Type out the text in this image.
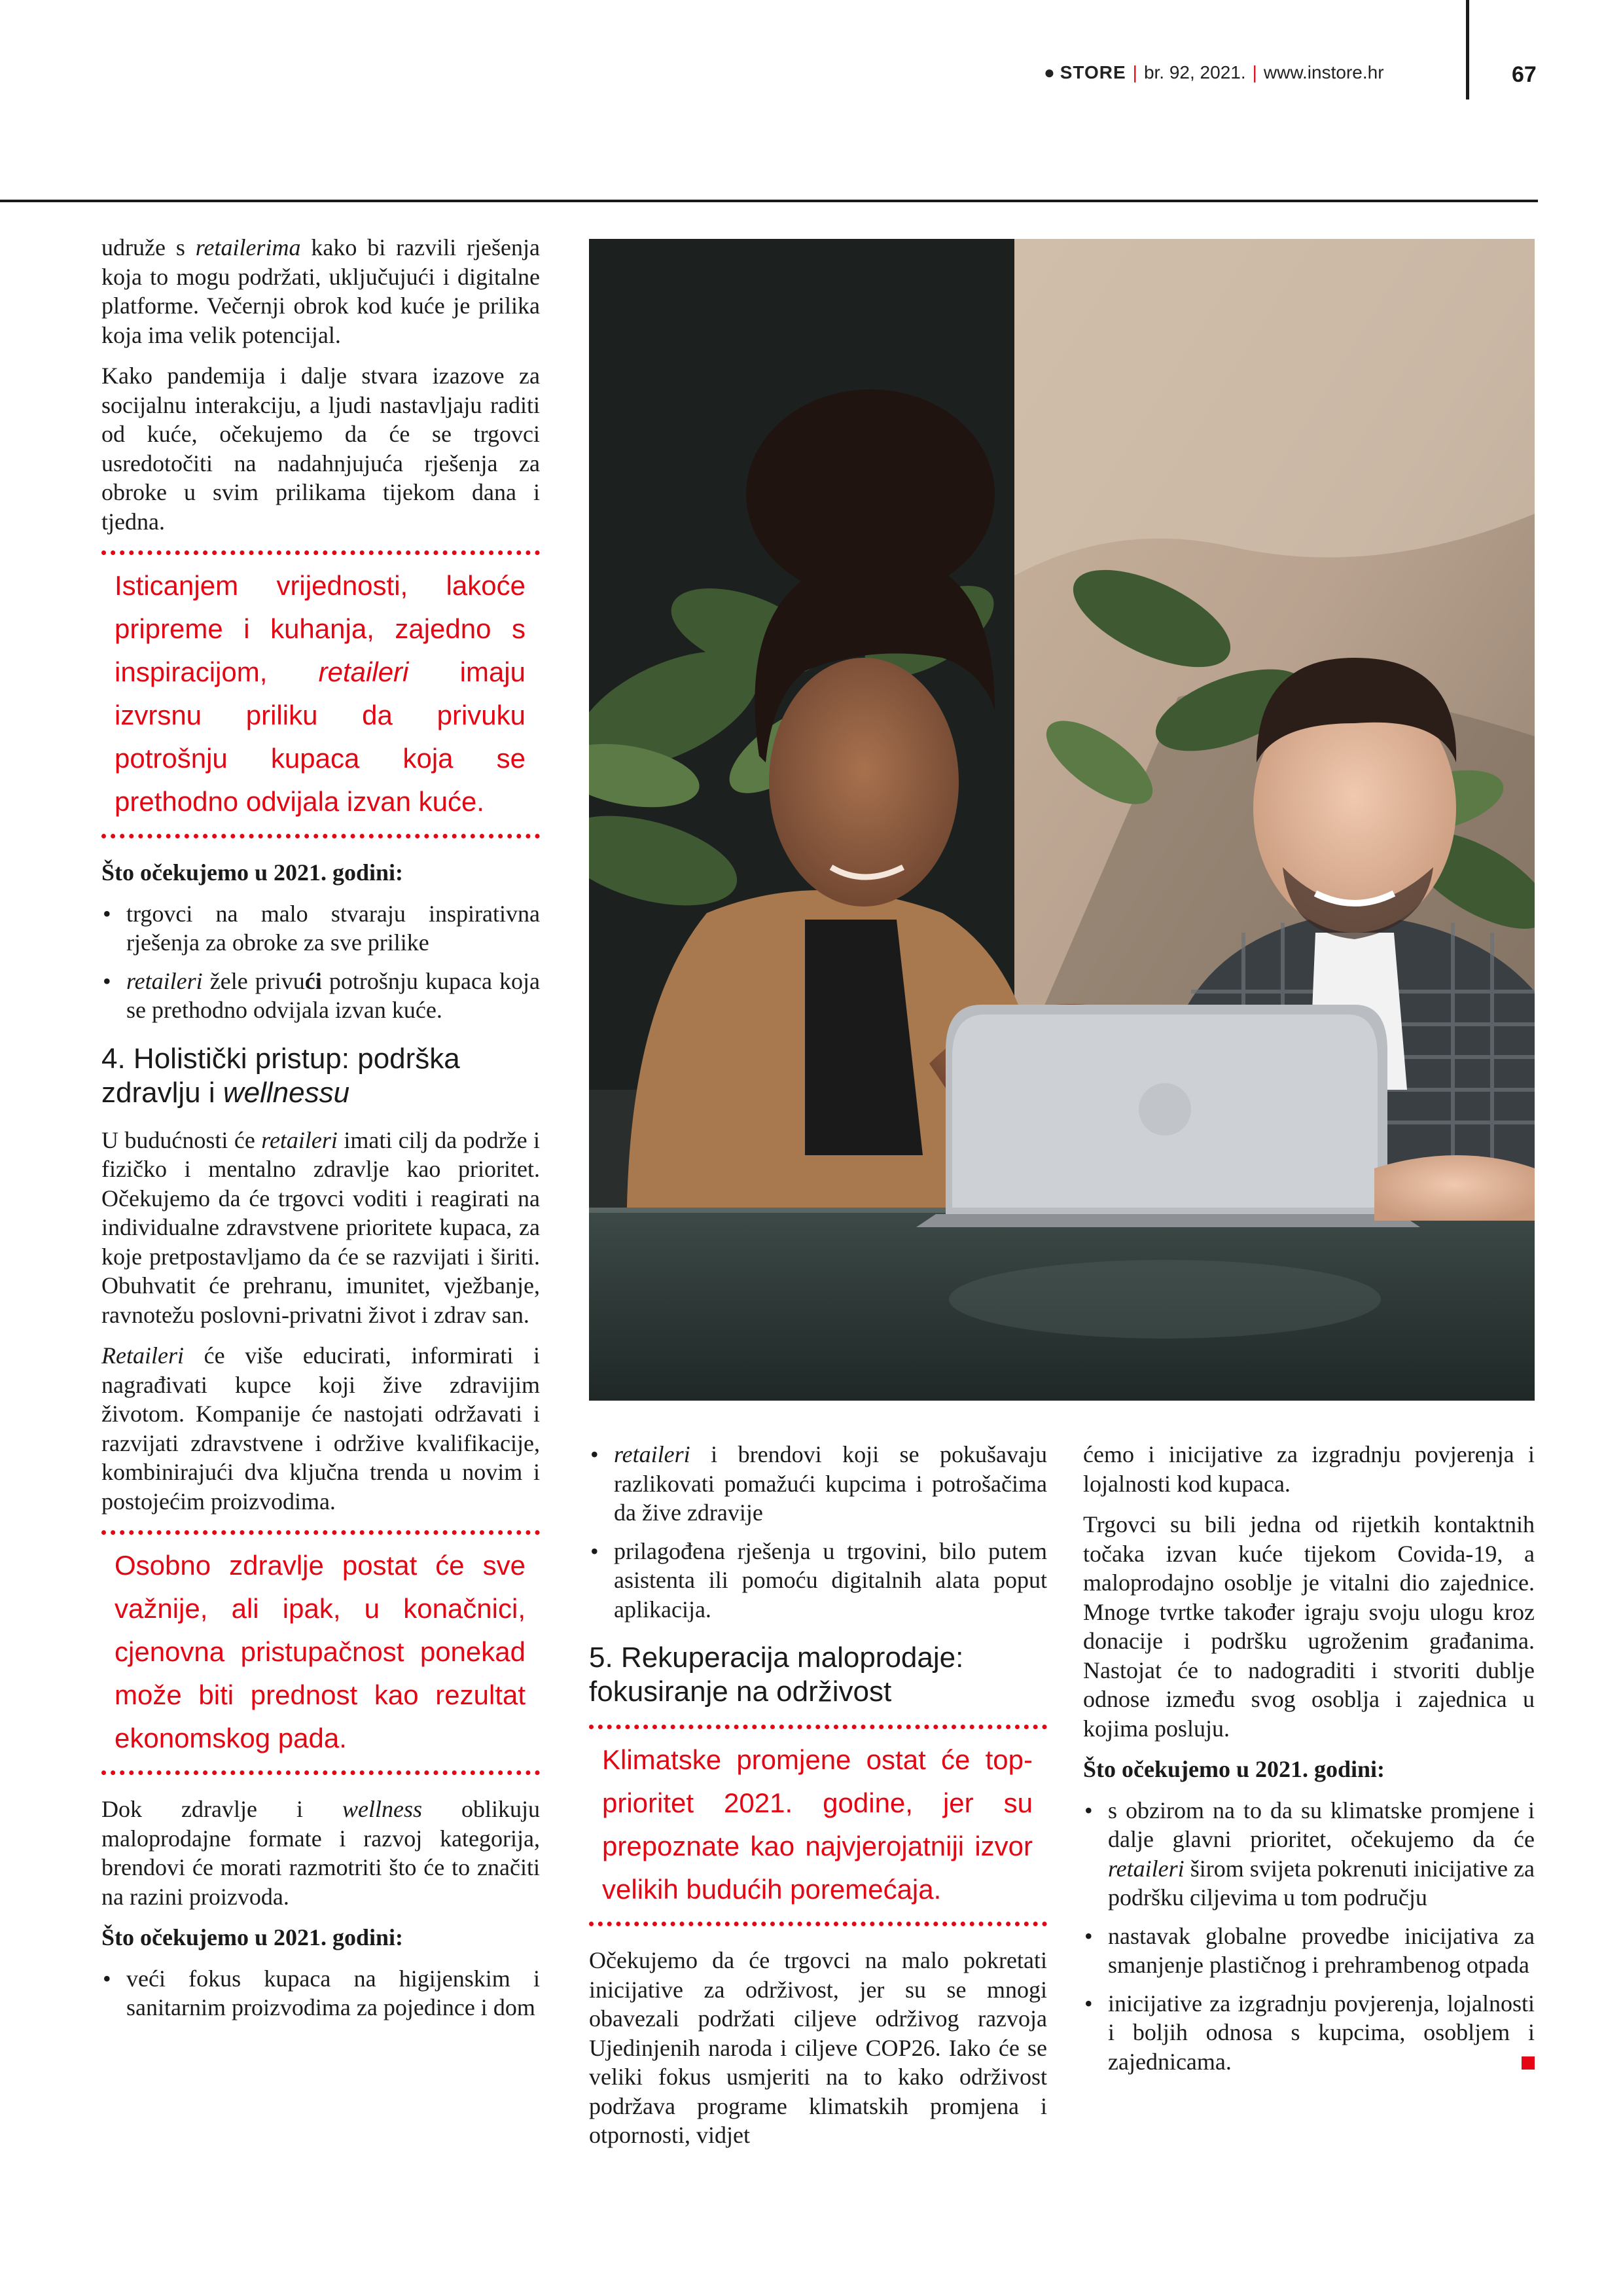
● STORE | br. 92, 2021. | www.instore.hr	67

udruže s retailerima kako bi razvili rješenja koja to mogu podržati, uključujući i digitalne platforme. Večernji obrok kod kuće je prilika koja ima velik potencijal.

Kako pandemija i dalje stvara izazove za socijalnu interakciju, a ljudi nastavljaju raditi od kuće, očekujemo da će se trgovci usredotočiti na nadahnjujuća rješenja za obroke u svim prilikama tijekom dana i tjedna.

Isticanjem vrijednosti, lakoće pripreme i kuhanja, zajedno s inspiracijom, retaileri imaju izvrsnu priliku da privuku potrošnju kupaca koja se prethodno odvijala izvan kuće.
Što očekujemo u 2021. godini:
• trgovci na malo stvaraju inspirativna rješenja za obroke za sve prilike
• retaileri žele privući potrošnju kupaca koja se prethodno odvijala izvan kuće.
4. Holistički pristup: podrška zdravlju i wellnessu

U budućnosti će retaileri imati cilj da podrže i fizičko i mentalno zdravlje kao prioritet. Očekujemo da će trgovci voditi i reagirati na individualne zdravstvene prioritete kupaca, za koje pretpostavljamo da će se razvijati i širiti. Obuhvatit će prehranu, imunitet, vježbanje, ravnotežu poslovni-privatni život i zdrav san.

Retaileri će više educirati, informirati i nagrađivati kupce koji žive zdravijim životom. Kompanije će nastojati održavati i razvijati zdravstvene i održive kvalifikacije, kombinirajući dva ključna trenda u novim i postojećim proizvodima.

Osobno zdravlje postat će sve važnije, ali ipak, u konačnici, cjenovna pristupačnost ponekad može biti prednost kao rezultat ekonomskog pada.

Dok zdravlje i wellness oblikuju maloprodajne formate i razvoj kategorija, brendovi će morati razmotriti što će to značiti na razini proizvoda.

Što očekujemo u 2021. godini:
• veći fokus kupaca na higijenskim i sanitarnim proizvodima za pojedince i dom
• retaileri i brendovi koji se pokušavaju razlikovati pomažući kupcima i potrošačima da žive zdravije
• prilagođena rješenja u trgovini, bilo putem asistenta ili pomoću digitalnih alata poput aplikacija.
5. Rekuperacija maloprodaje: fokusiranje na održivost
Klimatske promjene ostat će top-prioritet 2021. godine, jer su prepoznate kao najvjerojatniji izvor velikih budućih poremećaja.

Očekujemo da će trgovci na malo pokretati inicijative za održivost, jer su se mnogi obavezali podržati ciljeve održivog razvoja Ujedinjenih naroda i ciljeve COP26. Iako će se veliki fokus usmjeriti na to kako održivost podržava programe klimatskih promjena i otpornosti, vidjet

ćemo i inicijative za izgradnju povjerenja i lojalnosti kod kupaca.

Trgovci su bili jedna od rijetkih kontaktnih točaka izvan kuće tijekom Covida-19, a maloprodajno osoblje je vitalni dio zajednice. Mnoge tvrtke također igraju svoju ulogu kroz donacije i podršku ugroženim građanima. Nastojat će to nadograditi i stvoriti dublje odnose između svog osoblja i zajednica u kojima posluju.

Što očekujemo u 2021. godini:
• s obzirom na to da su klimatske promjene i dalje glavni prioritet, očekujemo da će retaileri širom svijeta pokrenuti inicijative za podršku ciljevima u tom području
• nastavak globalne provedbe inicijativa za smanjenje plastičnog i prehrambenog otpada
• inicijative za izgradnju povjerenja, lojalnosti i boljih odnosa s kupcima, osobljem i zajednicama.
